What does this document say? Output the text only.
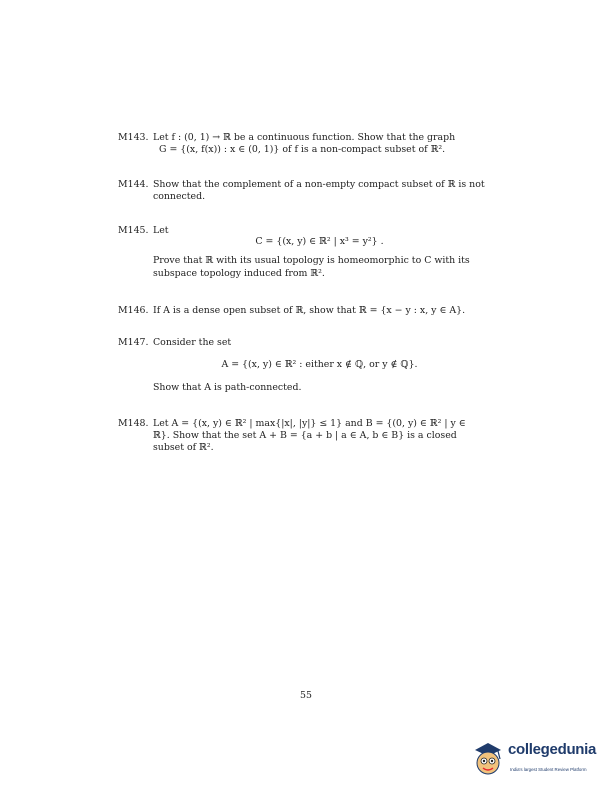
M143. Let f : (0, 1) → ℝ be a continuous function. Show that the graph
G = {(x, f(x)) : x ∈ (0, 1)} of f is a non-compact subset of ℝ².
M144. Show that the complement of a non-empty compact subset of ℝ is not
connected.
M145. Let
C = {(x, y) ∈ ℝ² | x³ = y²} .
Prove that ℝ with its usual topology is homeomorphic to C with its
subspace topology induced from ℝ².
M146. If A is a dense open subset of ℝ, show that ℝ = {x − y : x, y ∈ A}.
M147. Consider the set
A = {(x, y) ∈ ℝ² : either x ∉ ℚ, or y ∉ ℚ}.
Show that A is path-connected.
M148. Let A = {(x, y) ∈ ℝ² | max{|x|, |y|} ≤ 1} and B = {(0, y) ∈ ℝ² | y ∈
ℝ}. Show that the set A + B = {a + b | a ∈ A, b ∈ B} is a closed
subset of ℝ².
55
collegedunia
India's largest Student Review Platform
